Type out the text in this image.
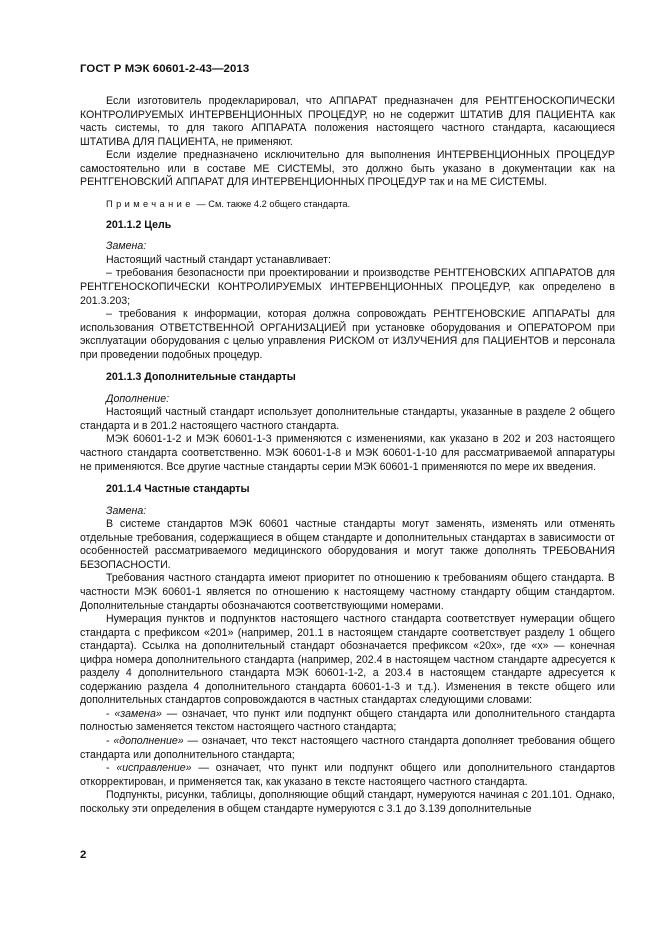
ГОСТ Р МЭК 60601-2-43—2013

Если изготовитель продекларировал, что АППАРАТ предназначен для РЕНТГЕНОСКОПИЧЕСКИ КОНТРОЛИРУЕМЫХ ИНТЕРВЕНЦИОННЫХ ПРОЦЕДУР, но не содержит ШТАТИВ ДЛЯ ПАЦИЕНТА как часть системы, то для такого АППАРАТА положения настоящего частного стандарта, касающиеся ШТАТИВА ДЛЯ ПАЦИЕНТА, не применяют.

Если изделие предназначено исключительно для выполнения ИНТЕРВЕНЦИОННЫХ ПРОЦЕДУР самостоятельно или в составе МЕ СИСТЕМЫ, это должно быть указано в документации как на РЕНТГЕНОВСКИЙ АППАРАТ ДЛЯ ИНТЕРВЕНЦИОННЫХ ПРОЦЕДУР так и на МЕ СИСТЕМЫ.

Примечание — См. также 4.2 общего стандарта.

201.1.2 Цель

Замена:

Настоящий частный стандарт устанавливает:

– требования безопасности при проектировании и производстве РЕНТГЕНОВСКИХ АППАРАТОВ для РЕНТГЕНОСКОПИЧЕСКИ КОНТРОЛИРУЕМЫХ ИНТЕРВЕНЦИОННЫХ ПРОЦЕДУР, как определено в 201.3.203;

– требования к информации, которая должна сопровождать РЕНТГЕНОВСКИЕ АППАРАТЫ для использования ОТВЕТСТВЕННОЙ ОРГАНИЗАЦИЕЙ при установке оборудования и ОПЕРАТОРОМ при эксплуатации оборудования с целью управления РИСКОМ от ИЗЛУЧЕНИЯ для ПАЦИЕНТОВ и персонала при проведении подобных процедур.

201.1.3 Дополнительные стандарты

Дополнение:

Настоящий частный стандарт использует дополнительные стандарты, указанные в разделе 2 общего стандарта и в 201.2 настоящего частного стандарта.

МЭК 60601-1-2 и МЭК 60601-1-3 применяются с изменениями, как указано в 202 и 203 настоящего частного стандарта соответственно. МЭК 60601-1-8 и МЭК 60601-1-10 для рассматриваемой аппаратуры не применяются. Все другие частные стандарты серии МЭК 60601-1 применяются по мере их введения.

201.1.4 Частные стандарты

Замена:

В системе стандартов МЭК 60601 частные стандарты могут заменять, изменять или отменять отдельные требования, содержащиеся в общем стандарте и дополнительных стандартах в зависимости от особенностей рассматриваемого медицинского оборудования и могут также дополнять ТРЕБОВАНИЯ БЕЗОПАСНОСТИ.

Требования частного стандарта имеют приоритет по отношению к требованиям общего стандарта. В частности МЭК 60601-1 является по отношению к настоящему частному стандарту общим стандартом. Дополнительные стандарты обозначаются соответствующими номерами.

Нумерация пунктов и подпунктов настоящего частного стандарта соответствует нумерации общего стандарта с префиксом «201» (например, 201.1 в настоящем стандарте соответствует разделу 1 общего стандарта). Ссылка на дополнительный стандарт обозначается префиксом «20x», где «x» — конечная цифра номера дополнительного стандарта (например, 202.4 в настоящем частном стандарте адресуется к разделу 4 дополнительного стандарта МЭК 60601-1-2, а 203.4 в настоящем стандарте адресуется к содержанию раздела 4 дополнительного стандарта 60601-1-3 и т.д.). Изменения в тексте общего или дополнительных стандартов сопровождаются в частных стандартах следующими словами:

- «замена» — означает, что пункт или подпункт общего стандарта или дополнительного стандарта полностью заменяется текстом настоящего частного стандарта;

- «дополнение» — означает, что текст настоящего частного стандарта дополняет требования общего стандарта или дополнительного стандарта;

- «исправление» — означает, что пункт или подпункт общего или дополнительного стандартов откорректирован, и применяется так, как указано в тексте настоящего частного стандарта.

Подпункты, рисунки, таблицы, дополняющие общий стандарт, нумеруются начиная с 201.101. Однако, поскольку эти определения в общем стандарте нумеруются с 3.1 до 3.139 дополнительные

2
